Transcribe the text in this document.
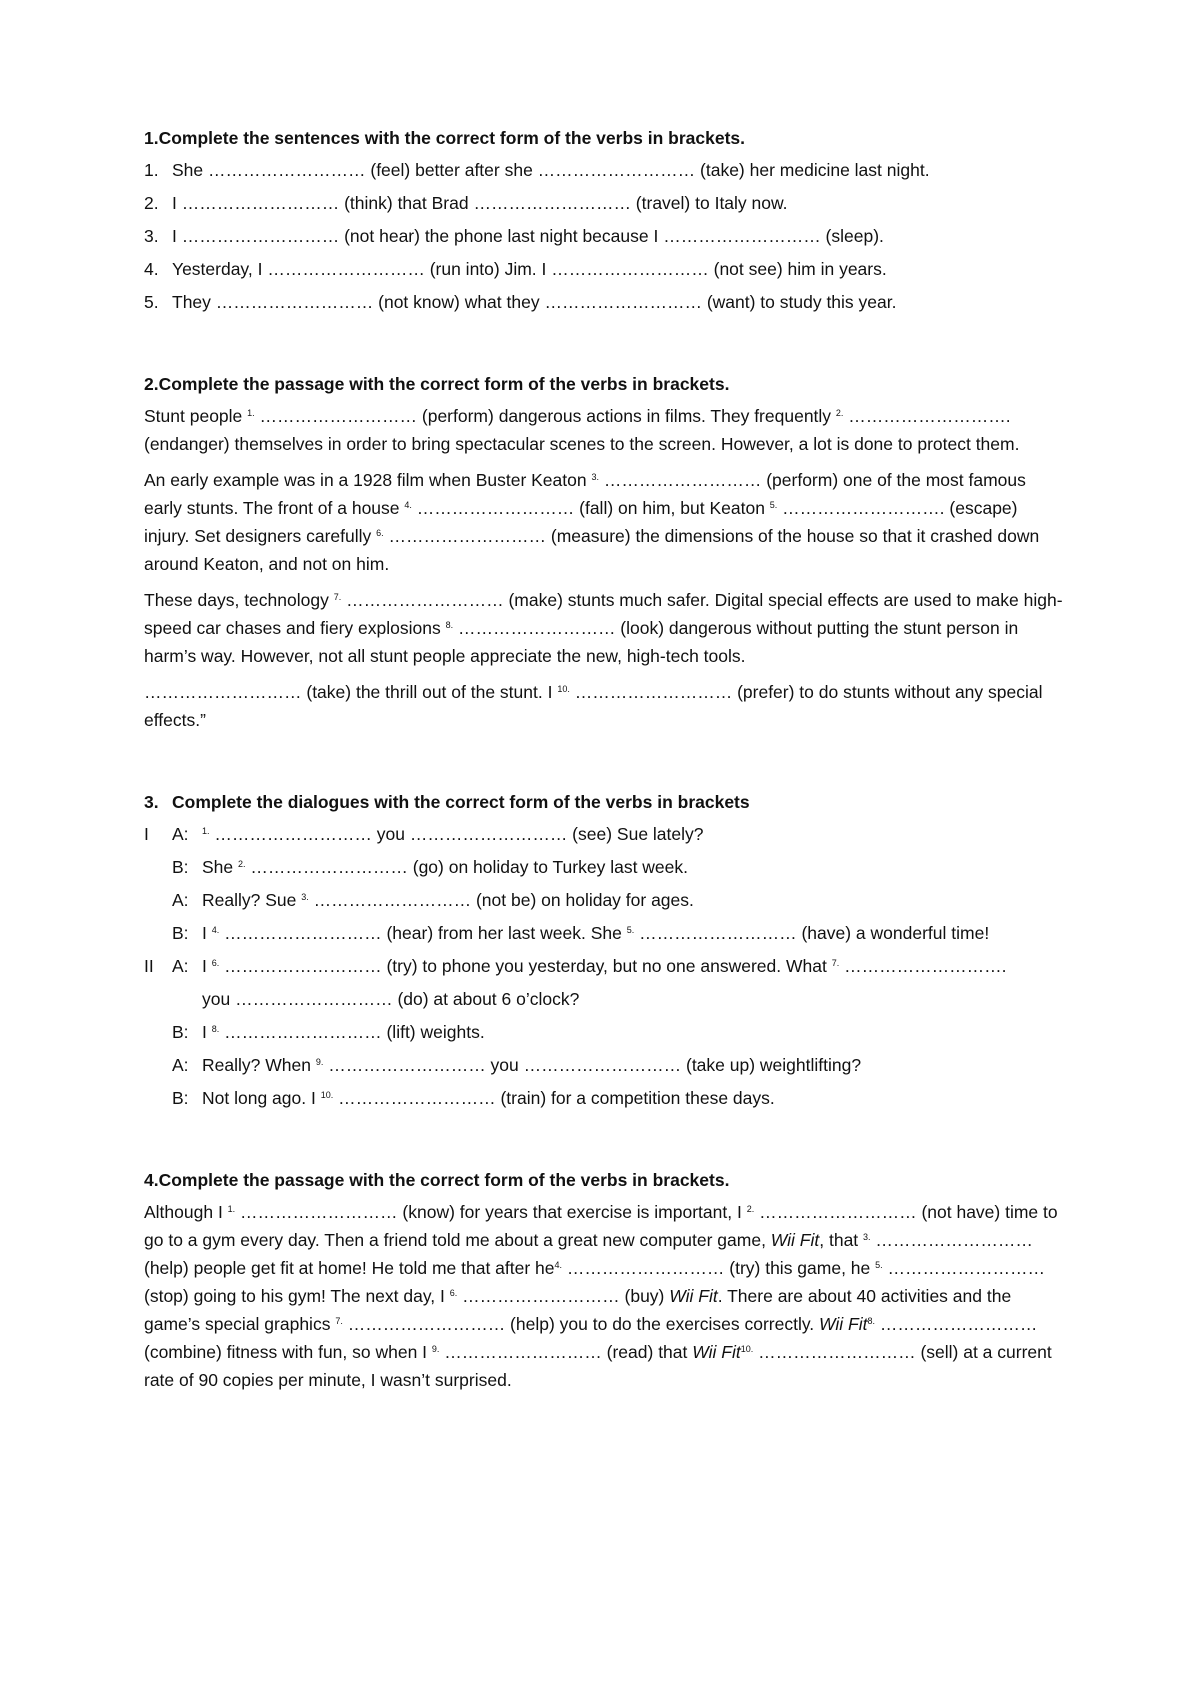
1.Complete the sentences with the correct form of the verbs in brackets.
1. She ……………………… (feel) better after she ……………………… (take) her medicine last night.
2. I ……………………… (think) that Brad ……………………… (travel) to Italy now.
3. I ……………………… (not hear) the phone last night because I ……………………… (sleep).
4. Yesterday, I ……………………… (run into) Jim. I ……………………… (not see) him in years.
5. They ……………………… (not know) what they ……………………… (want) to study this year.
2.Complete the passage with the correct form of the verbs in brackets.

Stunt people $^{1.}$ ……………………… (perform) dangerous actions in films. They frequently $^{2.}$ ………………………. (endanger) themselves in order to bring spectacular scenes to the screen. However, a lot is done to protect them.

An early example was in a 1928 film when Buster Keaton $^{3.}$ ……………………… (perform) one of the most famous early stunts. The front of a house $^{4.}$ ……………………… (fall) on him, but Keaton $^{5.}$ ………………………. (escape) injury. Set designers carefully $^{6.}$ ……………………… (measure) the dimensions of the house so that it crashed down around Keaton, and not on him.

These days, technology $^{7.}$ ……………………… (make) stunts much safer. Digital special effects are used to make high-speed car chases and fiery explosions $^{8.}$ ……………………… (look) dangerous without putting the stunt person in harm’s way. However, not all stunt people appreciate the new, high-tech tools.

……………………… (take) the thrill out of the stunt. I $^{10.}$ ……………………… (prefer) to do stunts without any special effects.”

3. Complete the dialogues with the correct form of the verbs in brackets
I	A:	$^{1.}$ ……………………… you ……………………… (see) Sue lately?
B: She $^{2.}$ ……………………… (go) on holiday to Turkey last week.
A: Really? Sue $^{3.}$ ……………………… (not be) on holiday for ages.
B: I $^{4.}$ ……………………… (hear) from her last week. She $^{5.}$ ……………………… (have) a wonderful time!
II	A: I $^{6.}$ ……………………… (try) to phone you yesterday, but no one answered. What $^{7.}$ ……………………….
you ……………………… (do) at about 6 o’clock?
B: I $^{8.}$ ……………………… (lift) weights.
A: Really? When $^{9.}$ ……………………… you ……………………… (take up) weightlifting?
B: Not long ago. I $^{10.}$ ……………………… (train) for a competition these days.
4.Complete the passage with the correct form of the verbs in brackets.

Although I $^{1.}$ ……………………… (know) for years that exercise is important, I $^{2.}$ ……………………… (not have) time to go to a gym every day. Then a friend told me about a great new computer game, Wii Fit, that $^{3.}$ ……………………… (help) people get fit at home! He told me that after $he^{4.}$ ……………………… (try) this game, he $^{5.}$ ……………………… (stop) going to his gym! The next day, I $^{6.}$ ……………………… (buy) Wii Fit. There are about 40 activities and the game’s special graphics $^{7.}$ ……………………… (help) you to do the exercises correctly. Wii Fit$^{8.}$ ……………………… (combine) fitness with fun, so when I $^{9.}$ ……………………… (read) that Wii Fit$^{10.}$ ……………………… (sell) at a current rate of 90 copies per minute, I wasn’t surprised.
